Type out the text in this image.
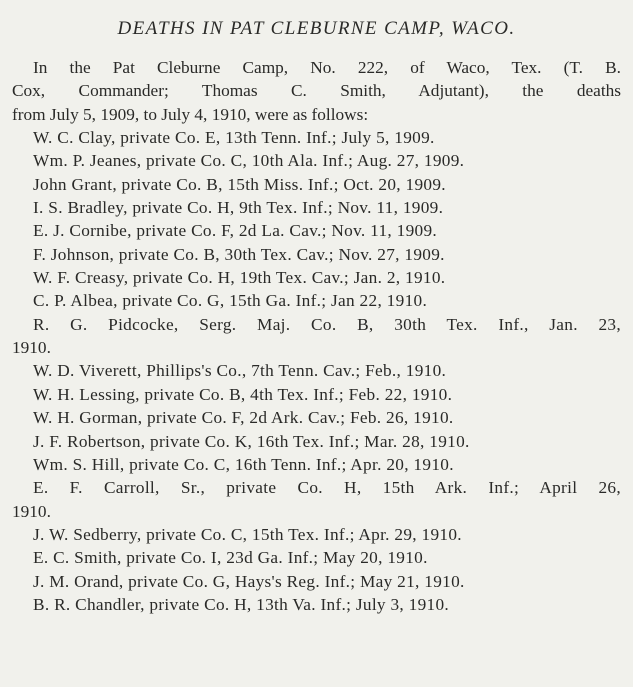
DEATHS IN PAT CLEBURNE CAMP, WACO.
In the Pat Cleburne Camp, No. 222, of Waco, Tex. (T. B.
Cox, Commander; Thomas C. Smith, Adjutant), the deaths
from July 5, 1909, to July 4, 1910, were as follows:
W. C. Clay, private Co. E, 13th Tenn. Inf.; July 5, 1909.
Wm. P. Jeanes, private Co. C, 10th Ala. Inf.; Aug. 27, 1909.
John Grant, private Co. B, 15th Miss. Inf.; Oct. 20, 1909.
I. S. Bradley, private Co. H, 9th Tex. Inf.; Nov. 11, 1909.
E. J. Cornibe, private Co. F, 2d La. Cav.; Nov. 11, 1909.
F. Johnson, private Co. B, 30th Tex. Cav.; Nov. 27, 1909.
W. F. Creasy, private Co. H, 19th Tex. Cav.; Jan. 2, 1910.
C. P. Albea, private Co. G, 15th Ga. Inf.; Jan 22, 1910.
R. G. Pidcocke, Serg. Maj. Co. B, 30th Tex. Inf., Jan. 23,
1910.
W. D. Viverett, Phillips's Co., 7th Tenn. Cav.; Feb., 1910.
W. H. Lessing, private Co. B, 4th Tex. Inf.; Feb. 22, 1910.
W. H. Gorman, private Co. F, 2d Ark. Cav.; Feb. 26, 1910.
J. F. Robertson, private Co. K, 16th Tex. Inf.; Mar. 28, 1910.
Wm. S. Hill, private Co. C, 16th Tenn. Inf.; Apr. 20, 1910.
E. F. Carroll, Sr., private Co. H, 15th Ark. Inf.; April 26,
1910.
J. W. Sedberry, private Co. C, 15th Tex. Inf.; Apr. 29, 1910.
E. C. Smith, private Co. I, 23d Ga. Inf.; May 20, 1910.
J. M. Orand, private Co. G, Hays's Reg. Inf.; May 21, 1910.
B. R. Chandler, private Co. H, 13th Va. Inf.; July 3, 1910.
